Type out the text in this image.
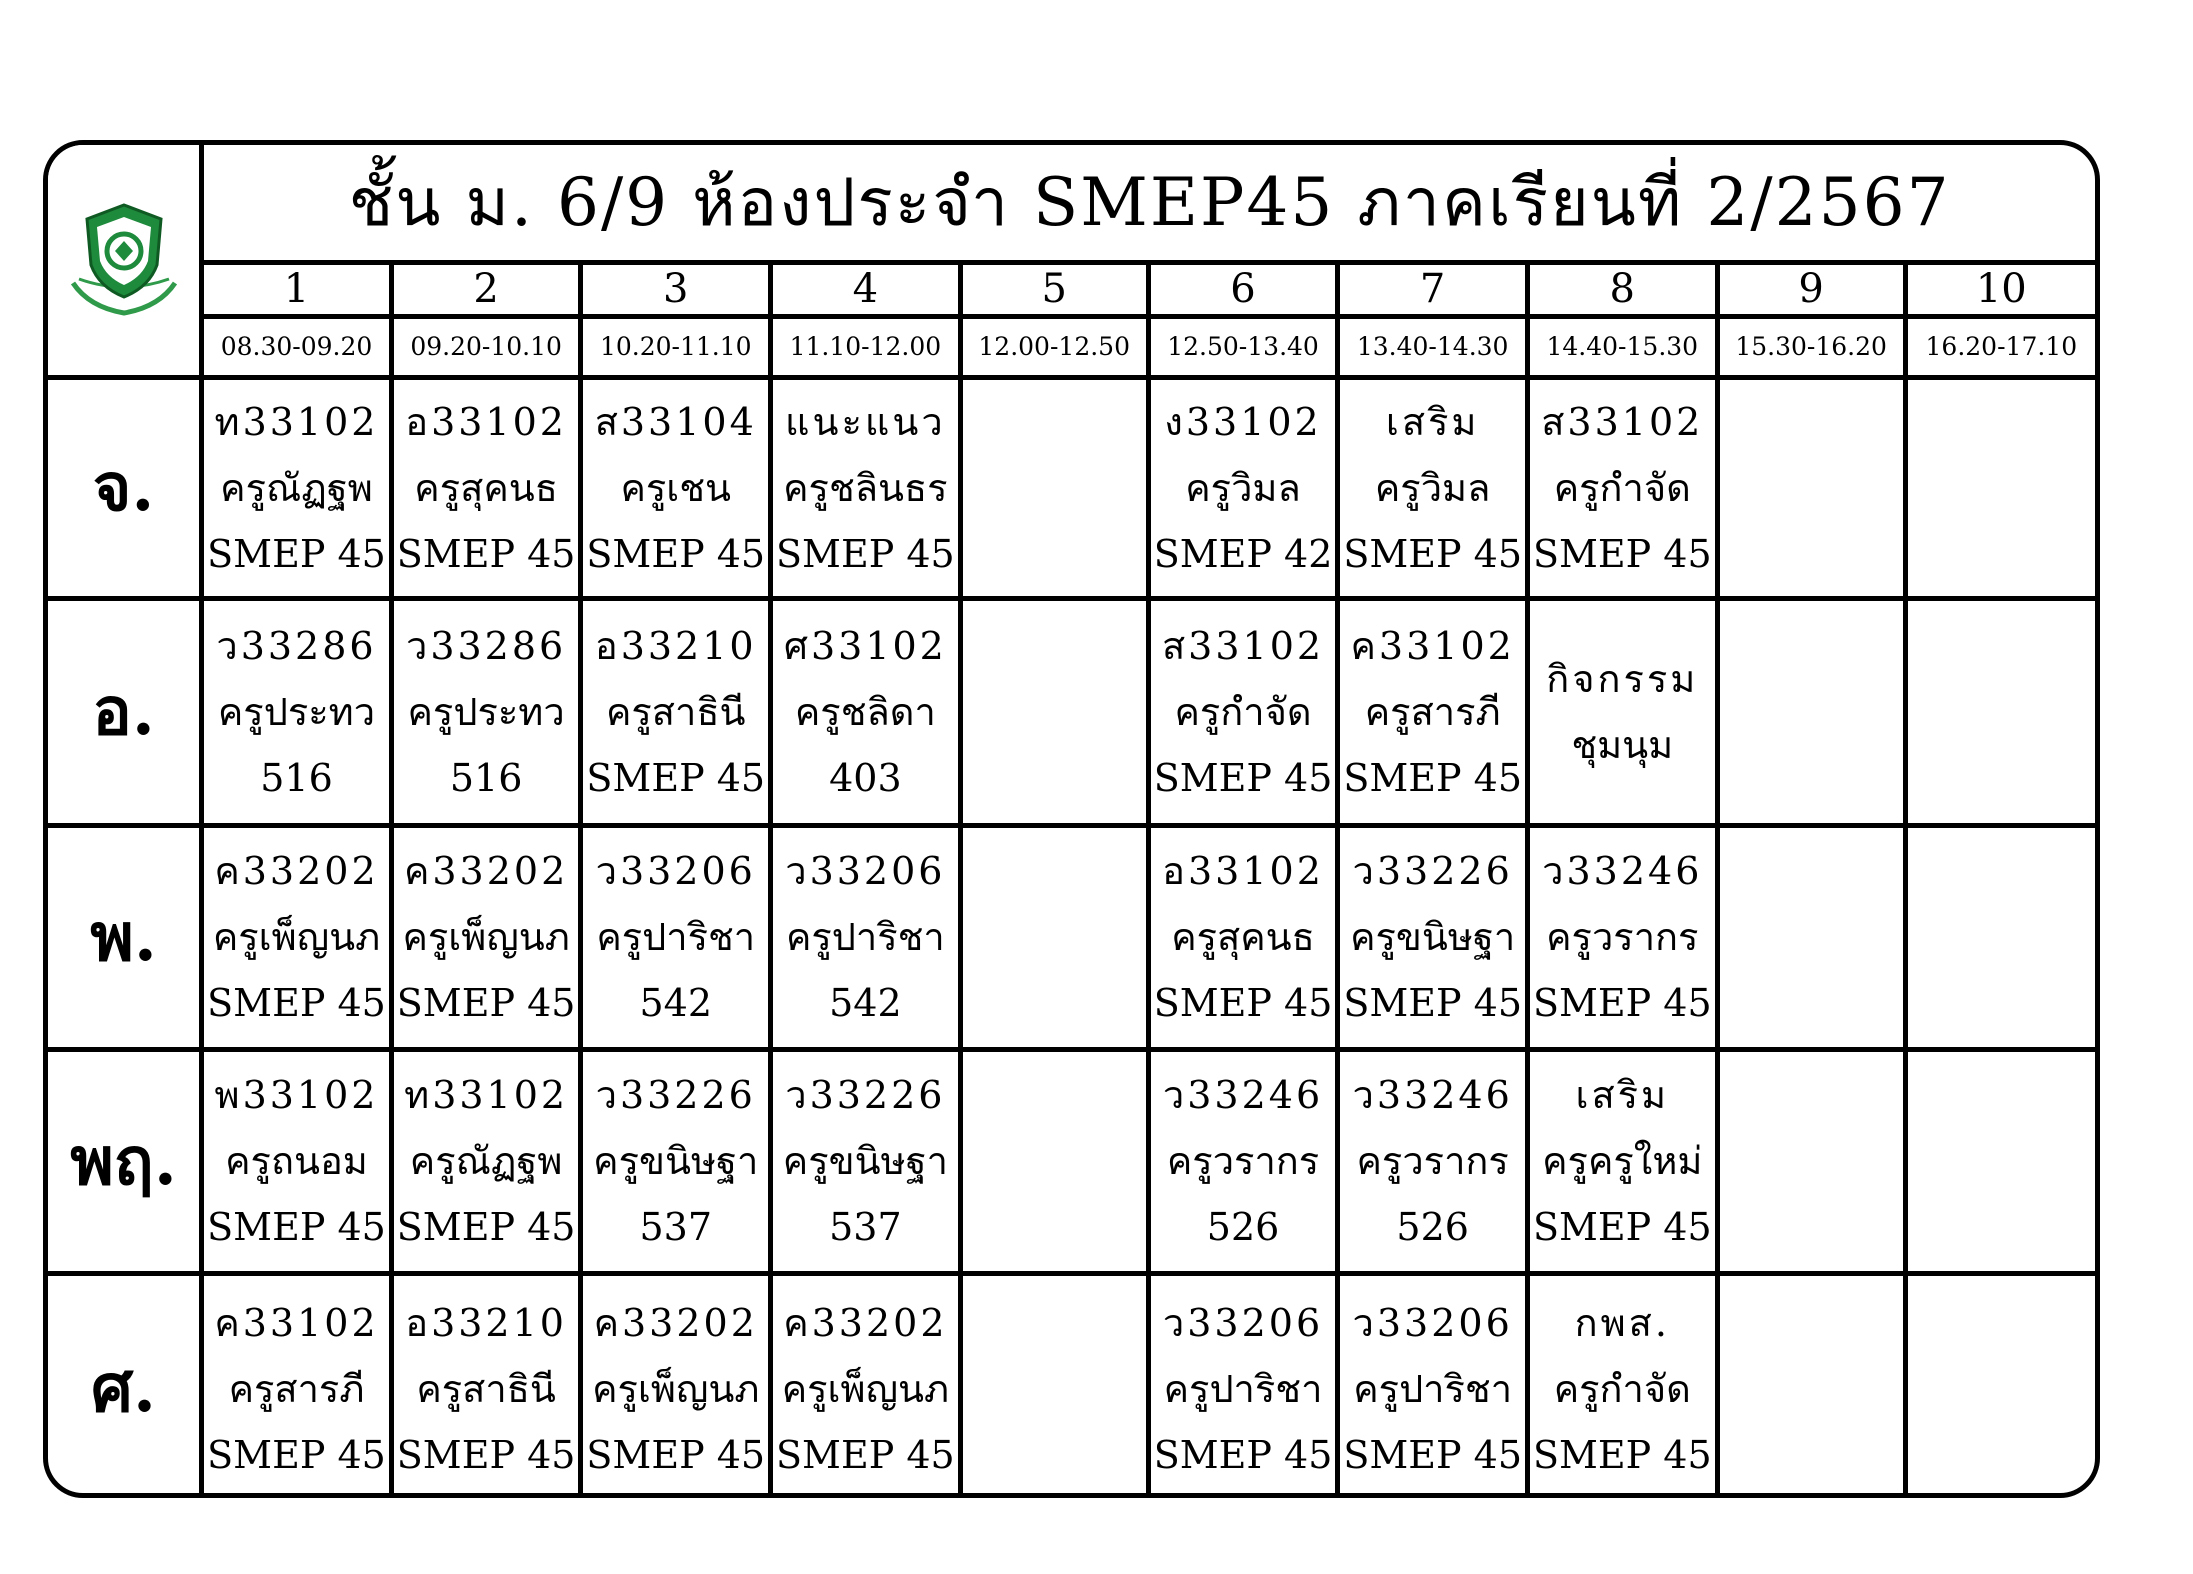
	ชั้น ม. 6/9 ห้องประจำ SMEP45 ภาคเรียนที่ 2/2567									
	1	2	3	4	5	6	7	8	9	10
	08.30-09.20	09.20-10.10	10.20-11.10	11.10-12.00	12.00-12.50	12.50-13.40	13.40-14.30	14.40-15.30	15.30-16.20	16.20-17.10
จ.	ท33102
ครูณัฏฐพ
SMEP 45	อ33102
ครูสุคนธ
SMEP 45	ส33104
ครูเชน
SMEP 45	แนะแนว
ครูชลินธร
SMEP 45		ง33102
ครูวิมล
SMEP 42	เสริม
ครูวิมล
SMEP 45	ส33102
ครูกำจัด
SMEP 45		

อ.	ว33286
ครูประทว
516	ว33286
ครูประทว
516	อ33210
ครูสาธินี
SMEP 45	ศ33102
ครูชลิดา
403		ส33102
ครูกำจัด
SMEP 45	ค33102
ครูสารภี
SMEP 45	กิจกรรม
ชุมนุม		

พ.	ค33202
ครูเพ็ญนภ
SMEP 45	ค33202
ครูเพ็ญนภ
SMEP 45	ว33206
ครูปาริชา
542	ว33206
ครูปาริชา
542		อ33102
ครูสุคนธ
SMEP 45	ว33226
ครูขนิษฐา
SMEP 45	ว33246
ครูวรากร
SMEP 45		

พฤ.	พ33102
ครูถนอม
SMEP 45	ท33102
ครูณัฏฐพ
SMEP 45	ว33226
ครูขนิษฐา
537	ว33226
ครูขนิษฐา
537		ว33246
ครูวรากร
526	ว33246
ครูวรากร
526	เสริม
ครูครูใหม่
SMEP 45		

ศ.	ค33102
ครูสารภี
SMEP 45	อ33210
ครูสาธินี
SMEP 45	ค33202
ครูเพ็ญนภ
SMEP 45	ค33202
ครูเพ็ญนภ
SMEP 45		ว33206
ครูปาริชา
SMEP 45	ว33206
ครูปาริชา
SMEP 45	กพส.
ครูกำจัด
SMEP 45		
